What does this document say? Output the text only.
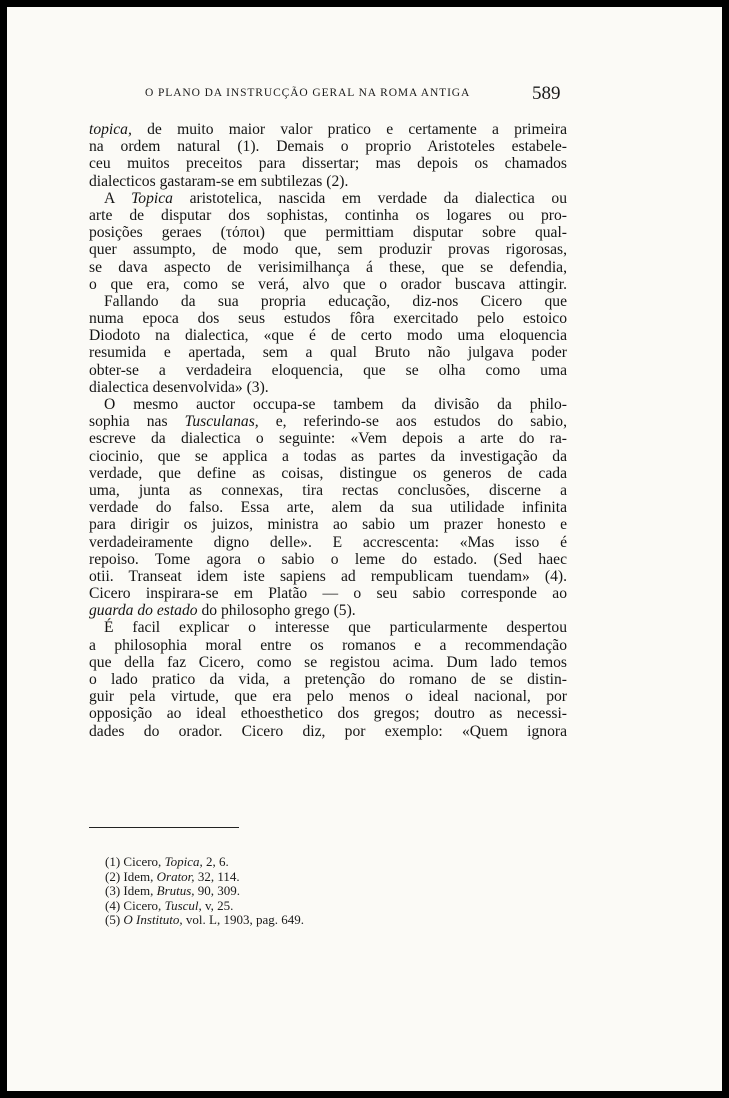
O PLANO DA INSTRUCÇÃO GERAL NA ROMA ANTIGA	589
topica, de muito maior valor pratico e certamente a primeira
na ordem natural (1). Demais o proprio Aristoteles estabele-
ceu muitos preceitos para dissertar; mas depois os chamados
dialecticos gastaram-se em subtilezas (2).
A Topica aristotelica, nascida em verdade da dialectica ou
arte de disputar dos sophistas, continha os logares ou pro-
posições geraes (τόποι) que permittiam disputar sobre qual-
quer assumpto, de modo que, sem produzir provas rigorosas,
se dava aspecto de verisimilhança á these, que se defendia,
o que era, como se verá, alvo que o orador buscava attingir.
Fallando da sua propria educação, diz-nos Cicero que
numa epoca dos seus estudos fôra exercitado pelo estoico
Diodoto na dialectica, «que é de certo modo uma eloquencia
resumida e apertada, sem a qual Bruto não julgava poder
obter-se a verdadeira eloquencia, que se olha como uma
dialectica desenvolvida» (3).
O mesmo auctor occupa-se tambem da divisão da philo-
sophia nas Tusculanas, e, referindo-se aos estudos do sabio,
escreve da dialectica o seguinte: «Vem depois a arte do ra-
ciocinio, que se applica a todas as partes da investigação da
verdade, que define as coisas, distingue os generos de cada
uma, junta as connexas, tira rectas conclusões, discerne a
verdade do falso. Essa arte, alem da sua utilidade infinita
para dirigir os juizos, ministra ao sabio um prazer honesto e
verdadeiramente digno delle». E accrescenta: «Mas isso é
repoiso. Tome agora o sabio o leme do estado. (Sed haec
otii. Transeat idem iste sapiens ad rempublicam tuendam» (4).
Cicero inspirara-se em Platão — o seu sabio corresponde ao
guarda do estado do philosopho grego (5).
É facil explicar o interesse que particularmente despertou
a philosophia moral entre os romanos e a recommendação
que della faz Cicero, como se registou acima. Dum lado temos
o lado pratico da vida, a pretenção do romano de se distin-
guir pela virtude, que era pelo menos o ideal nacional, por
opposição ao ideal ethoesthetico dos gregos; doutro as necessi-
dades do orador. Cicero diz, por exemplo: «Quem ignora
(1) Cicero, Topica, 2, 6.
(2) Idem, Orator, 32, 114.
(3) Idem, Brutus, 90, 309.
(4) Cicero, Tuscul, v, 25.
(5) O Instituto, vol. L, 1903, pag. 649.
